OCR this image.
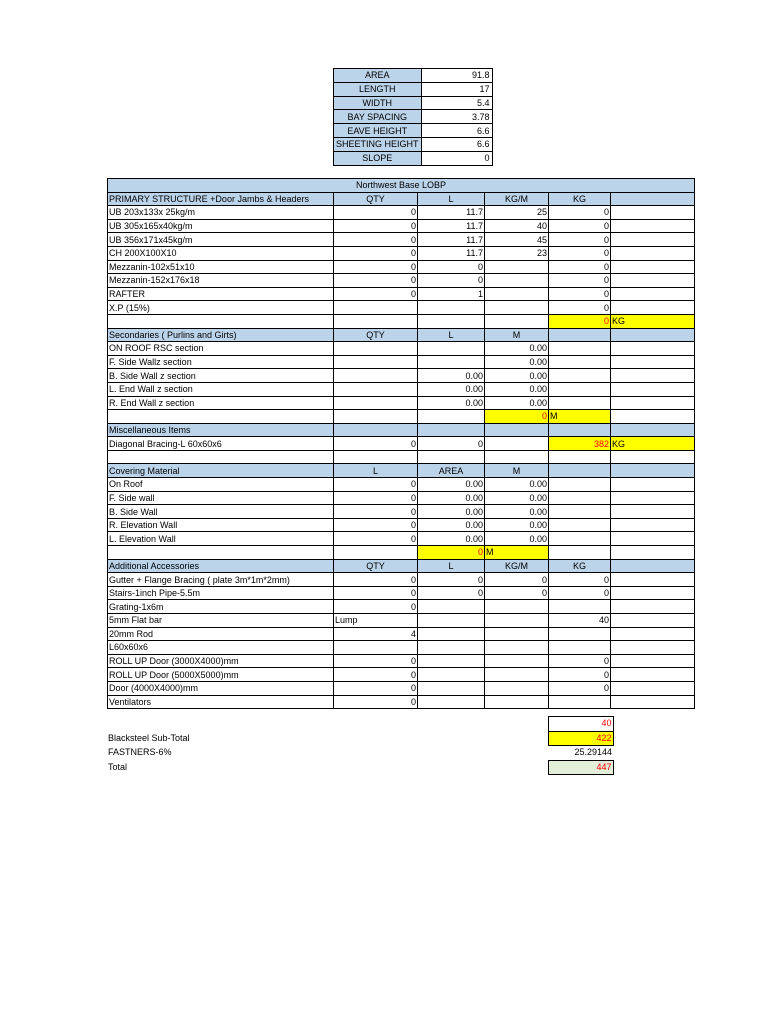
AREA	91.8
LENGTH	17
WIDTH	5.4
BAY SPACING	3.78
EAVE HEIGHT	6.6
SHEETING HEIGHT	6.6
SLOPE	0
Northwest Base LOBP					
PRIMARY STRUCTURE +Door Jambs & Headers	QTY	L	KG/M	KG	
UB 203x133x 25kg/m	0	11.7	25	0	
UB 305x165x40kg/m	0	11.7	40	0	
UB 356x171x45kg/m	0	11.7	45	0	
CH 200X100X10	0	11.7	23	0	
Mezzanin-102x51x10	0	0		0	
Mezzanin-152x176x18	0	0		0	
RAFTER	0	1		0	
X.P (15%)				0	
				0	KG
Secondaries ( Purlins and Girts)	QTY	L	M		
ON ROOF RSC section			0.00		
F. Side Wallz section			0.00		
B. Side Wall z section		0.00	0.00		
L. End Wall z section		0.00	0.00		
R. End Wall z section		0.00	0.00		
			0	M	
Miscellaneous Items					
Diagonal Bracing-L 60x60x6	0	0		382	KG

Covering Material	L	AREA	M		
On Roof	0	0.00	0.00		
F. Side wall	0	0.00	0.00		
B. Side Wall	0	0.00	0.00		
R. Elevation Wall	0	0.00	0.00		
L. Elevation Wall	0	0.00	0.00		
		0	M		
Additional Accessories	QTY	L	KG/M	KG	
Gutter + Flange Bracing ( plate 3m*1m*2mm)	0	0	0	0	
Stairs-1inch Pipe-5.5m	0	0	0	0	
Grating-1x6m	0				
5mm Flat bar	Lump			40	
20mm Rod	4				
L60x60x6					
ROLL UP Door (3000X4000)mm	0			0	
ROLL UP Door (5000X5000)mm	0			0	
Door (4000X4000)mm	0			0	
Ventilators	0				
	40
Blacksteel Sub-Total	422
FASTNERS-6%	25.29144
Total	447
